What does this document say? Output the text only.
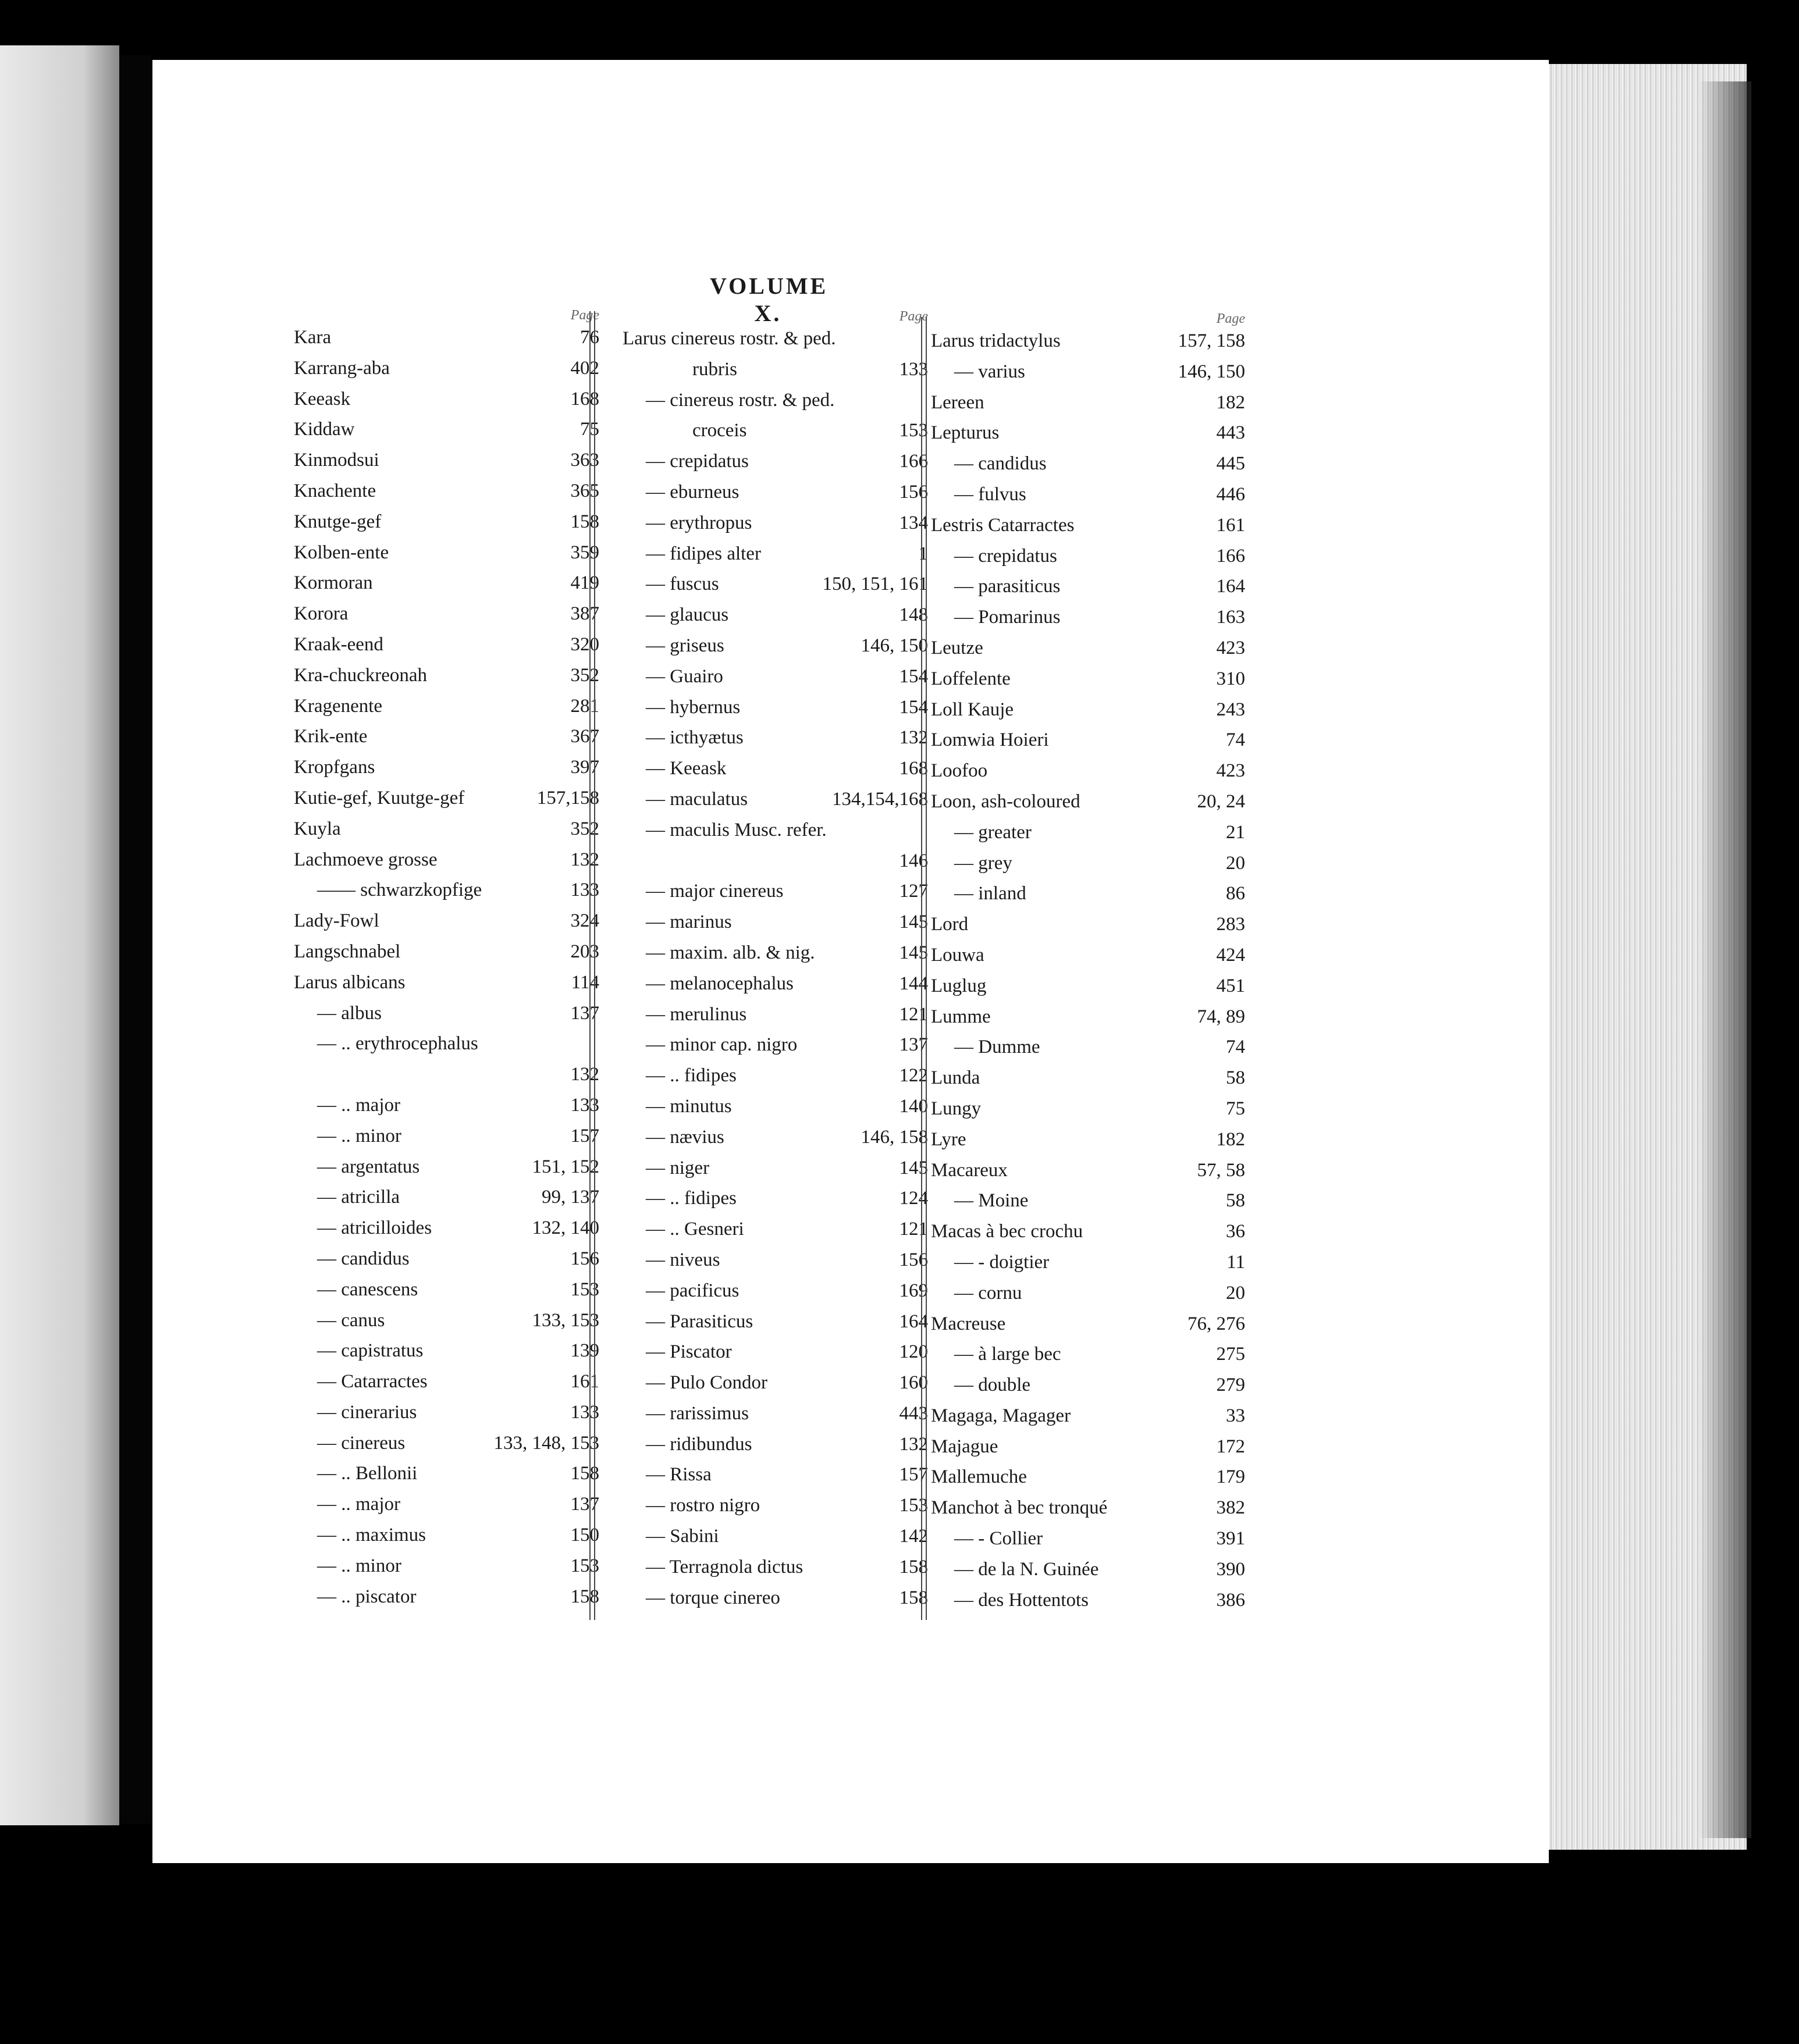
VOLUME X.
Page
Kara	76
Karrang-aba	402
Keeask	168
Kiddaw	75
Kinmodsui	363
Knachente	365
Knutge-gef	158
Kolben-ente	359
Kormoran	419
Korora	387
Kraak-eend	320
Kra-chuckreonah	352
Kragenente	281
Krik-ente	367
Kropfgans	397
Kutie-gef, Kuutge-gef	157,158
Kuyla	352
Lachmoeve grosse	132
—— schwarzkopfige	133
Lady-Fowl	324
Langschnabel	203
Larus albicans	114
— albus	137
— .. erythrocephalus
132
— .. major	133
— .. minor	157
— argentatus	151, 152
— atricilla	99, 137
— atricilloides	132, 140
— candidus	156
— canescens	153
— canus	133, 153
— capistratus	139
— Catarractes	161
— cinerarius	133
— cinereus	133, 148, 153
— .. Bellonii	158
— .. major	137
— .. maximus	150
— .. minor	153
— .. piscator	158
Page
Larus cinereus rostr. & ped.
rubris	133
— cinereus rostr. & ped.
croceis	153
— crepidatus	166
— eburneus	156
— erythropus	134
— fidipes alter	1
— fuscus	150, 151, 161
— glaucus	148
— griseus	146, 150
— Guairo	154
— hybernus	154
— icthyætus	132
— Keeask	168
— maculatus	134,154,168
— maculis Musc. refer.
146
— major cinereus	127
— marinus	145
— maxim. alb. & nig.	145
— melanocephalus	144
— merulinus	121
— minor cap. nigro	137
— .. fidipes	122
— minutus	140
— nævius	146, 158
— niger	145
— .. fidipes	124
— .. Gesneri	121
— niveus	156
— pacificus	169
— Parasiticus	164
— Piscator	120
— Pulo Condor	160
— rarissimus	443
— ridibundus	132
— Rissa	157
— rostro nigro	153
— Sabini	142
— Terragnola dictus	158
— torque cinereo	158
Page
Larus tridactylus	157, 158
— varius	146, 150
Lereen	182
Lepturus	443
— candidus	445
— fulvus	446
Lestris Catarractes	161
— crepidatus	166
— parasiticus	164
— Pomarinus	163
Leutze	423
Loffelente	310
Loll Kauje	243
Lomwia Hoieri	74
Loofoo	423
Loon, ash-coloured	20, 24
— greater	21
— grey	20
— inland	86
Lord	283
Louwa	424
Luglug	451
Lumme	74, 89
— Dumme	74
Lunda	58
Lungy	75
Lyre	182
Macareux	57, 58
— Moine	58
Macas à bec crochu	36
— - doigtier	11
— cornu	20
Macreuse	76, 276
— à large bec	275
— double	279
Magaga, Magager	33
Majague	172
Mallemuche	179
Manchot à bec tronqué	382
— - Collier	391
— de la N. Guinée	390
— des Hottentots	386
